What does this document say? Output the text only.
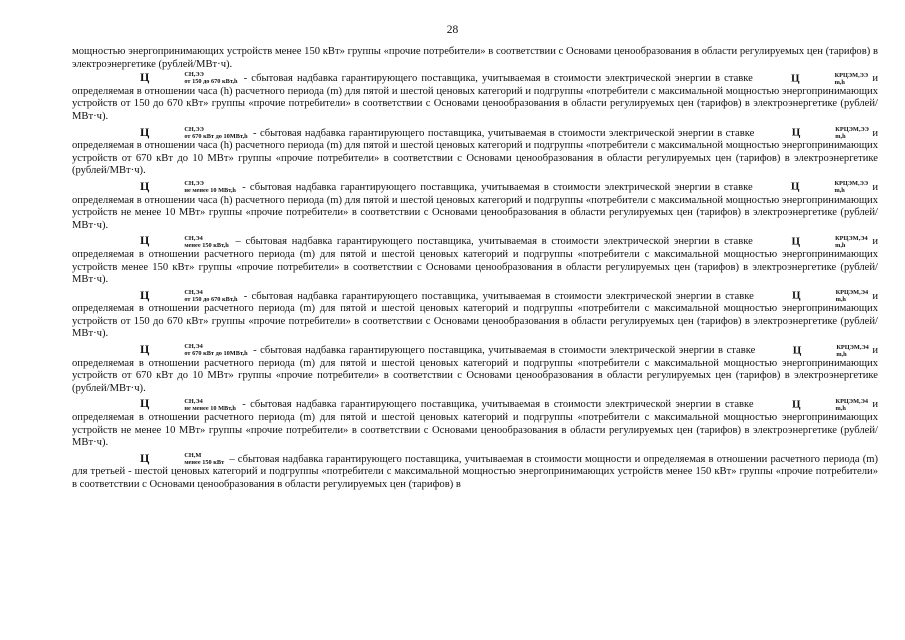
28

мощностью энергопринимающих устройств менее 150 кВт» группы «прочие потребители» в соответствии с Основами ценообразования в области регулируемых цен (тарифов) в электроэнергетике (рублей/МВт·ч).

Ц	СН,ЭЭ
от 150 до 670 кВт,h - сбытовая надбавка гарантирующего поставщика, учитываемая в стоимости электрической энергии в ставке	Ц	КРЦЭМ,ЭЭ
m,h	и определяемая в отношении часа (h) расчетного периода (m) для пятой и шестой ценовых категорий и подгруппы «потребители с максимальной мощностью энергопринимающих устройств от 150 до 670 кВт» группы «прочие потребители» в соответствии с Основами ценообразования в области регулируемых цен (тарифов) в электроэнергетике (рублей/МВт·ч).

Ц	СН,ЭЭ
от 670 кВт до 10МВт,h - сбытовая надбавка гарантирующего поставщика, учитываемая в стоимости электрической энергии в ставке	Ц	КРЦЭМ,ЭЭ
m,h	и определяемая в отношении часа (h) расчетного периода (m) для пятой и шестой ценовых категорий и подгруппы «потребители с максимальной мощностью энергопринимающих устройств от 670 кВт до 10 МВт» группы «прочие потребители» в соответствии с Основами ценообразования в области регулируемых цен (тарифов) в электроэнергетике (рублей/МВт·ч).

Ц	СН,ЭЭ
не менее 10 МВт,h - сбытовая надбавка гарантирующего поставщика, учитываемая в стоимости электрической энергии в ставке	Ц	КРЦЭМ,ЭЭ
m,h	и определяемая в отношении часа (h) расчетного периода (m) для пятой и шестой ценовых категорий и подгруппы «потребители с максимальной мощностью энергопринимающих устройств не менее 10 МВт» группы «прочие потребители» в соответствии с Основами ценообразования в области регулируемых цен (тарифов) в электроэнергетике (рублей/МВт·ч).

Ц	СН,Э4
менее 150 кВт,h – сбытовая надбавка гарантирующего поставщика, учитываемая в стоимости электрической энергии в ставке	Ц	КРЦЭМ,Э4
m,h	и определяемая в отношении расчетного периода (m) для пятой и шестой ценовых категорий и подгруппы «потребители с максимальной мощностью энергопринимающих устройств менее 150 кВт» группы «прочие потребители» в соответствии с Основами ценообразования в области регулируемых цен (тарифов) в электроэнергетике (рублей/МВт·ч).

Ц	СН,Э4
от 150 до 670 кВт,h - сбытовая надбавка гарантирующего поставщика, учитываемая в стоимости электрической энергии в ставке	Ц	КРЦЭМ,Э4
m,h	и определяемая в отношении расчетного периода (m) для пятой и шестой ценовых категорий и подгруппы «потребители с максимальной мощностью энергопринимающих устройств от 150 до 670 кВт» группы «прочие потребители» в соответствии с Основами ценообразования в области регулируемых цен (тарифов) в электроэнергетике (рублей/МВт·ч).

Ц	СН,Э4
от 670 кВт до 10МВт,h - сбытовая надбавка гарантирующего поставщика, учитываемая в стоимости электрической энергии в ставке	Ц	КРЦЭМ,Э4
m,h	и определяемая в отношении расчетного периода (m) для пятой и шестой ценовых категорий и подгруппы «потребители с максимальной мощностью энергопринимающих устройств от 670 кВт до 10 МВт» группы «прочие потребители» в соответствии с Основами ценообразования в области регулируемых цен (тарифов) в электроэнергетике (рублей/МВт·ч).

Ц	СН,Э4
не менее 10 МВт,h - сбытовая надбавка гарантирующего поставщика, учитываемая в стоимости электрической энергии в ставке	Ц	КРЦЭМ,Э4
m,h	и определяемая в отношении расчетного периода (m) для пятой и шестой ценовых категорий и подгруппы «потребители с максимальной мощностью энергопринимающих устройств не менее 10 МВт» группы «прочие потребители» в соответствии с Основами ценообразования в области регулируемых цен (тарифов) в электроэнергетике (рублей/МВт·ч).

Ц	СН,М
менее 150 кВт – сбытовая надбавка гарантирующего поставщика, учитываемая в стоимости мощности и определяемая в отношении расчетного периода (m) для третьей - шестой ценовых категорий и подгруппы «потребители с максимальной мощностью энергопринимающих устройств менее 150 кВт» группы «прочие потребители» в соответствии с Основами ценообразования в области регулируемых цен (тарифов) в
